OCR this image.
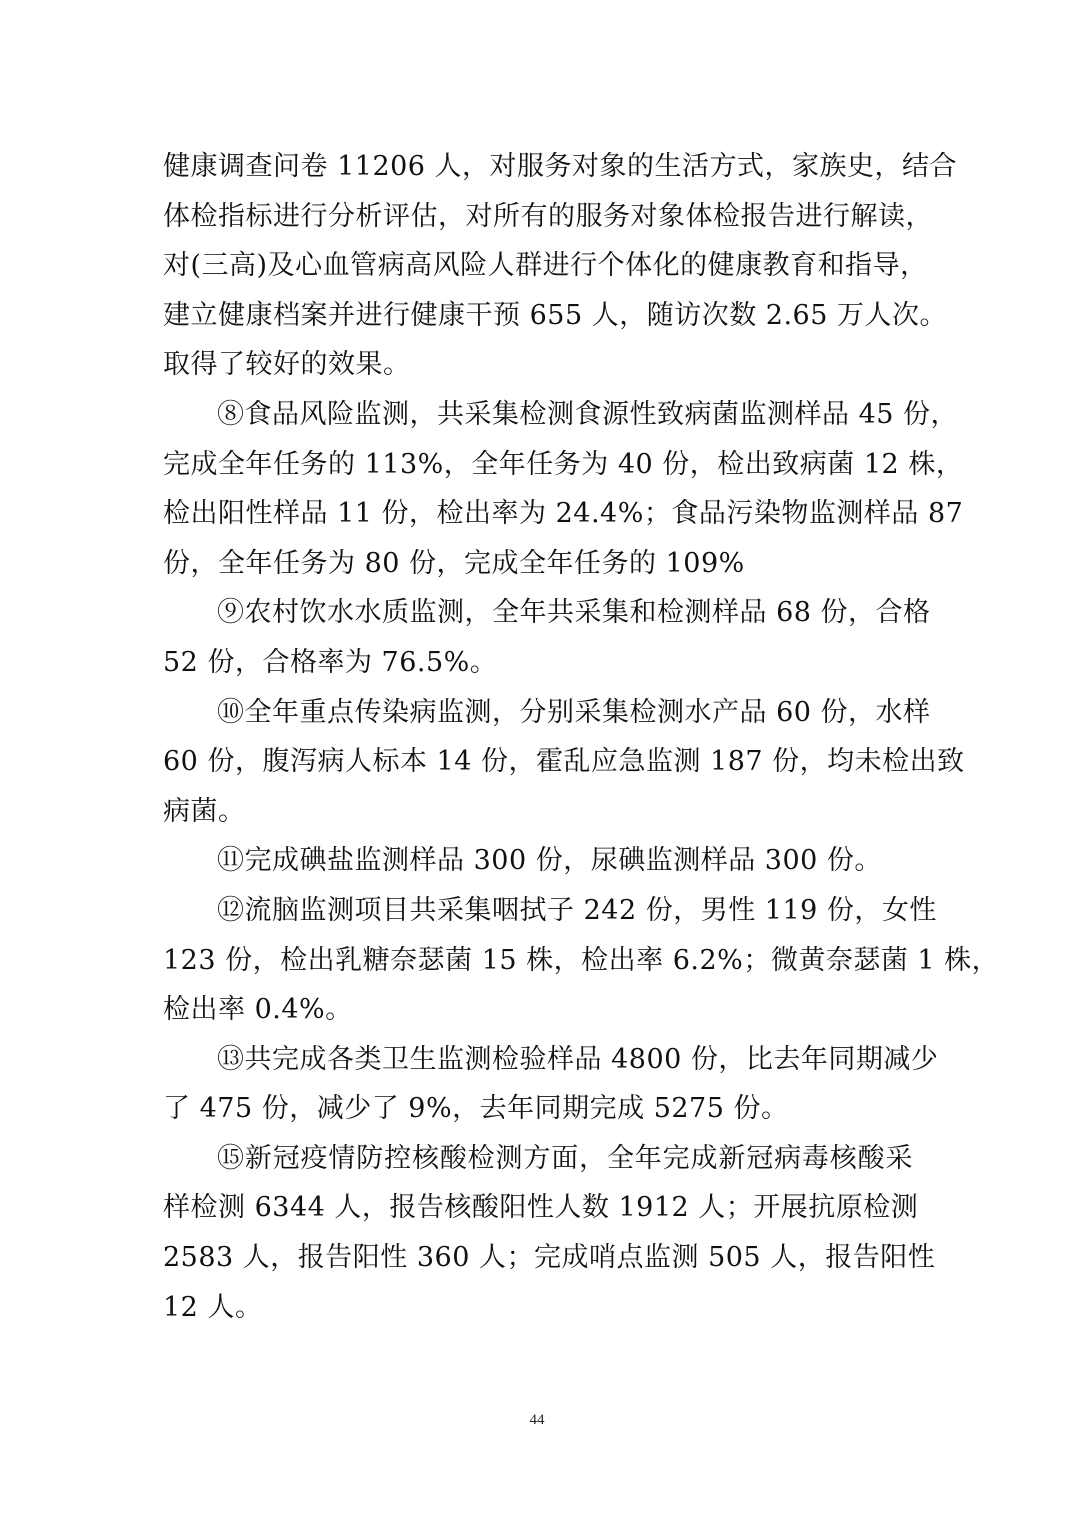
健康调查问卷 11206 人，对服务对象的生活方式，家族史，结合
体检指标进行分析评估，对所有的服务对象体检报告进行解读，
对(三高)及心血管病高风险人群进行个体化的健康教育和指导，
建立健康档案并进行健康干预 655 人，随访次数 2.65 万人次。
取得了较好的效果。
⑧食品风险监测，共采集检测食源性致病菌监测样品 45 份，
完成全年任务的 113%，全年任务为 40 份，检出致病菌 12 株，
检出阳性样品 11 份，检出率为 24.4%；食品污染物监测样品 87
份，全年任务为 80 份，完成全年任务的 109%
⑨农村饮水水质监测，全年共采集和检测样品 68 份，合格
52 份，合格率为 76.5%。
⑩全年重点传染病监测，分别采集检测水产品 60 份，水样
60 份，腹泻病人标本 14 份，霍乱应急监测 187 份，均未检出致
病菌。
⑪完成碘盐监测样品 300 份，尿碘监测样品 300 份。
⑫流脑监测项目共采集咽拭子 242 份，男性 119 份，女性
123 份，检出乳糖奈瑟菌 15 株，检出率 6.2%；微黄奈瑟菌 1 株，
检出率 0.4%。
⑬共完成各类卫生监测检验样品 4800 份，比去年同期减少
了 475 份，减少了 9%，去年同期完成 5275 份。
⑮新冠疫情防控核酸检测方面，全年完成新冠病毒核酸采
样检测 6344 人，报告核酸阳性人数 1912 人；开展抗原检测
2583 人，报告阳性 360 人；完成哨点监测 505 人，报告阳性
12 人。
44
